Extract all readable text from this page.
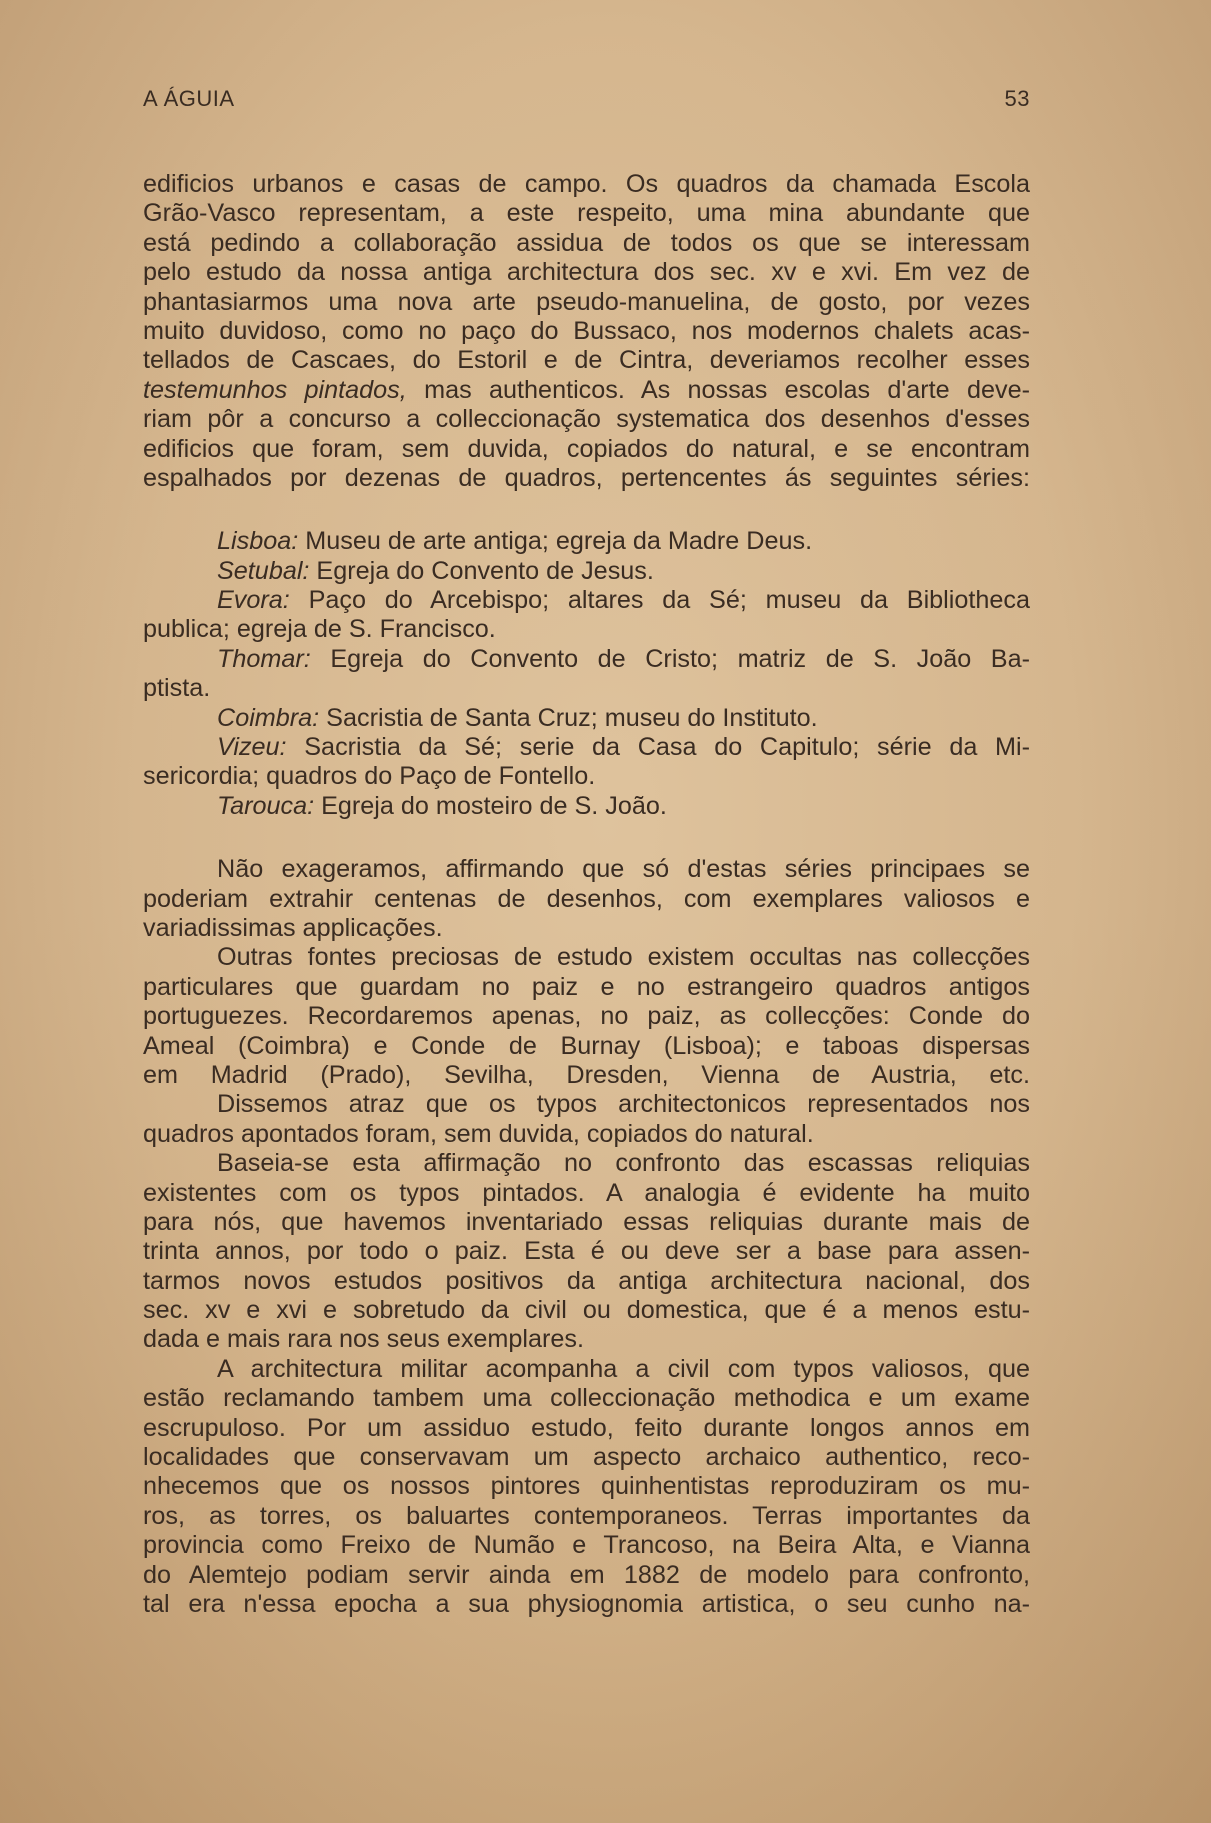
A ÁGUIA	53
edificios urbanos e casas de campo. Os quadros da chamada Escola
Grão-Vasco representam, a este respeito, uma mina abundante que
está pedindo a collaboração assidua de todos os que se interessam
pelo estudo da nossa antiga architectura dos sec. xv e xvi. Em vez de
phantasiarmos uma nova arte pseudo-manuelina, de gosto, por vezes
muito duvidoso, como no paço do Bussaco, nos modernos chalets acas-
tellados de Cascaes, do Estoril e de Cintra, deveriamos recolher esses
testemunhos pintados, mas authenticos. As nossas escolas d'arte deve-
riam pôr a concurso a colleccionação systematica dos desenhos d'esses
edificios que foram, sem duvida, copiados do natural, e se encontram
espalhados por dezenas de quadros, pertencentes ás seguintes séries:
Lisboa: Museu de arte antiga; egreja da Madre Deus.
Setubal: Egreja do Convento de Jesus.
Evora: Paço do Arcebispo; altares da Sé; museu da Bibliotheca
publica; egreja de S. Francisco.
Thomar: Egreja do Convento de Cristo; matriz de S. João Ba-
ptista.
Coimbra: Sacristia de Santa Cruz; museu do Instituto.
Vizeu: Sacristia da Sé; serie da Casa do Capitulo; série da Mi-
sericordia; quadros do Paço de Fontello.
Tarouca: Egreja do mosteiro de S. João.
Não exageramos, affirmando que só d'estas séries principaes se
poderiam extrahir centenas de desenhos, com exemplares valiosos e
variadissimas applicações.
Outras fontes preciosas de estudo existem occultas nas collecções
particulares que guardam no paiz e no estrangeiro quadros antigos
portuguezes. Recordaremos apenas, no paiz, as collecções: Conde do
Ameal (Coimbra) e Conde de Burnay (Lisboa); e taboas dispersas
em Madrid (Prado), Sevilha, Dresden, Vienna de Austria, etc.
Dissemos atraz que os typos architectonicos representados nos
quadros apontados foram, sem duvida, copiados do natural.
Baseia-se esta affirmação no confronto das escassas reliquias
existentes com os typos pintados. A analogia é evidente ha muito
para nós, que havemos inventariado essas reliquias durante mais de
trinta annos, por todo o paiz. Esta é ou deve ser a base para assen-
tarmos novos estudos positivos da antiga architectura nacional, dos
sec. xv e xvi e sobretudo da civil ou domestica, que é a menos estu-
dada e mais rara nos seus exemplares.
A architectura militar acompanha a civil com typos valiosos, que
estão reclamando tambem uma colleccionação methodica e um exame
escrupuloso. Por um assiduo estudo, feito durante longos annos em
localidades que conservavam um aspecto archaico authentico, reco-
nhecemos que os nossos pintores quinhentistas reproduziram os mu-
ros, as torres, os baluartes contemporaneos. Terras importantes da
provincia como Freixo de Numão e Trancoso, na Beira Alta, e Vianna
do Alemtejo podiam servir ainda em 1882 de modelo para confronto,
tal era n'essa epocha a sua physiognomia artistica, o seu cunho na-
